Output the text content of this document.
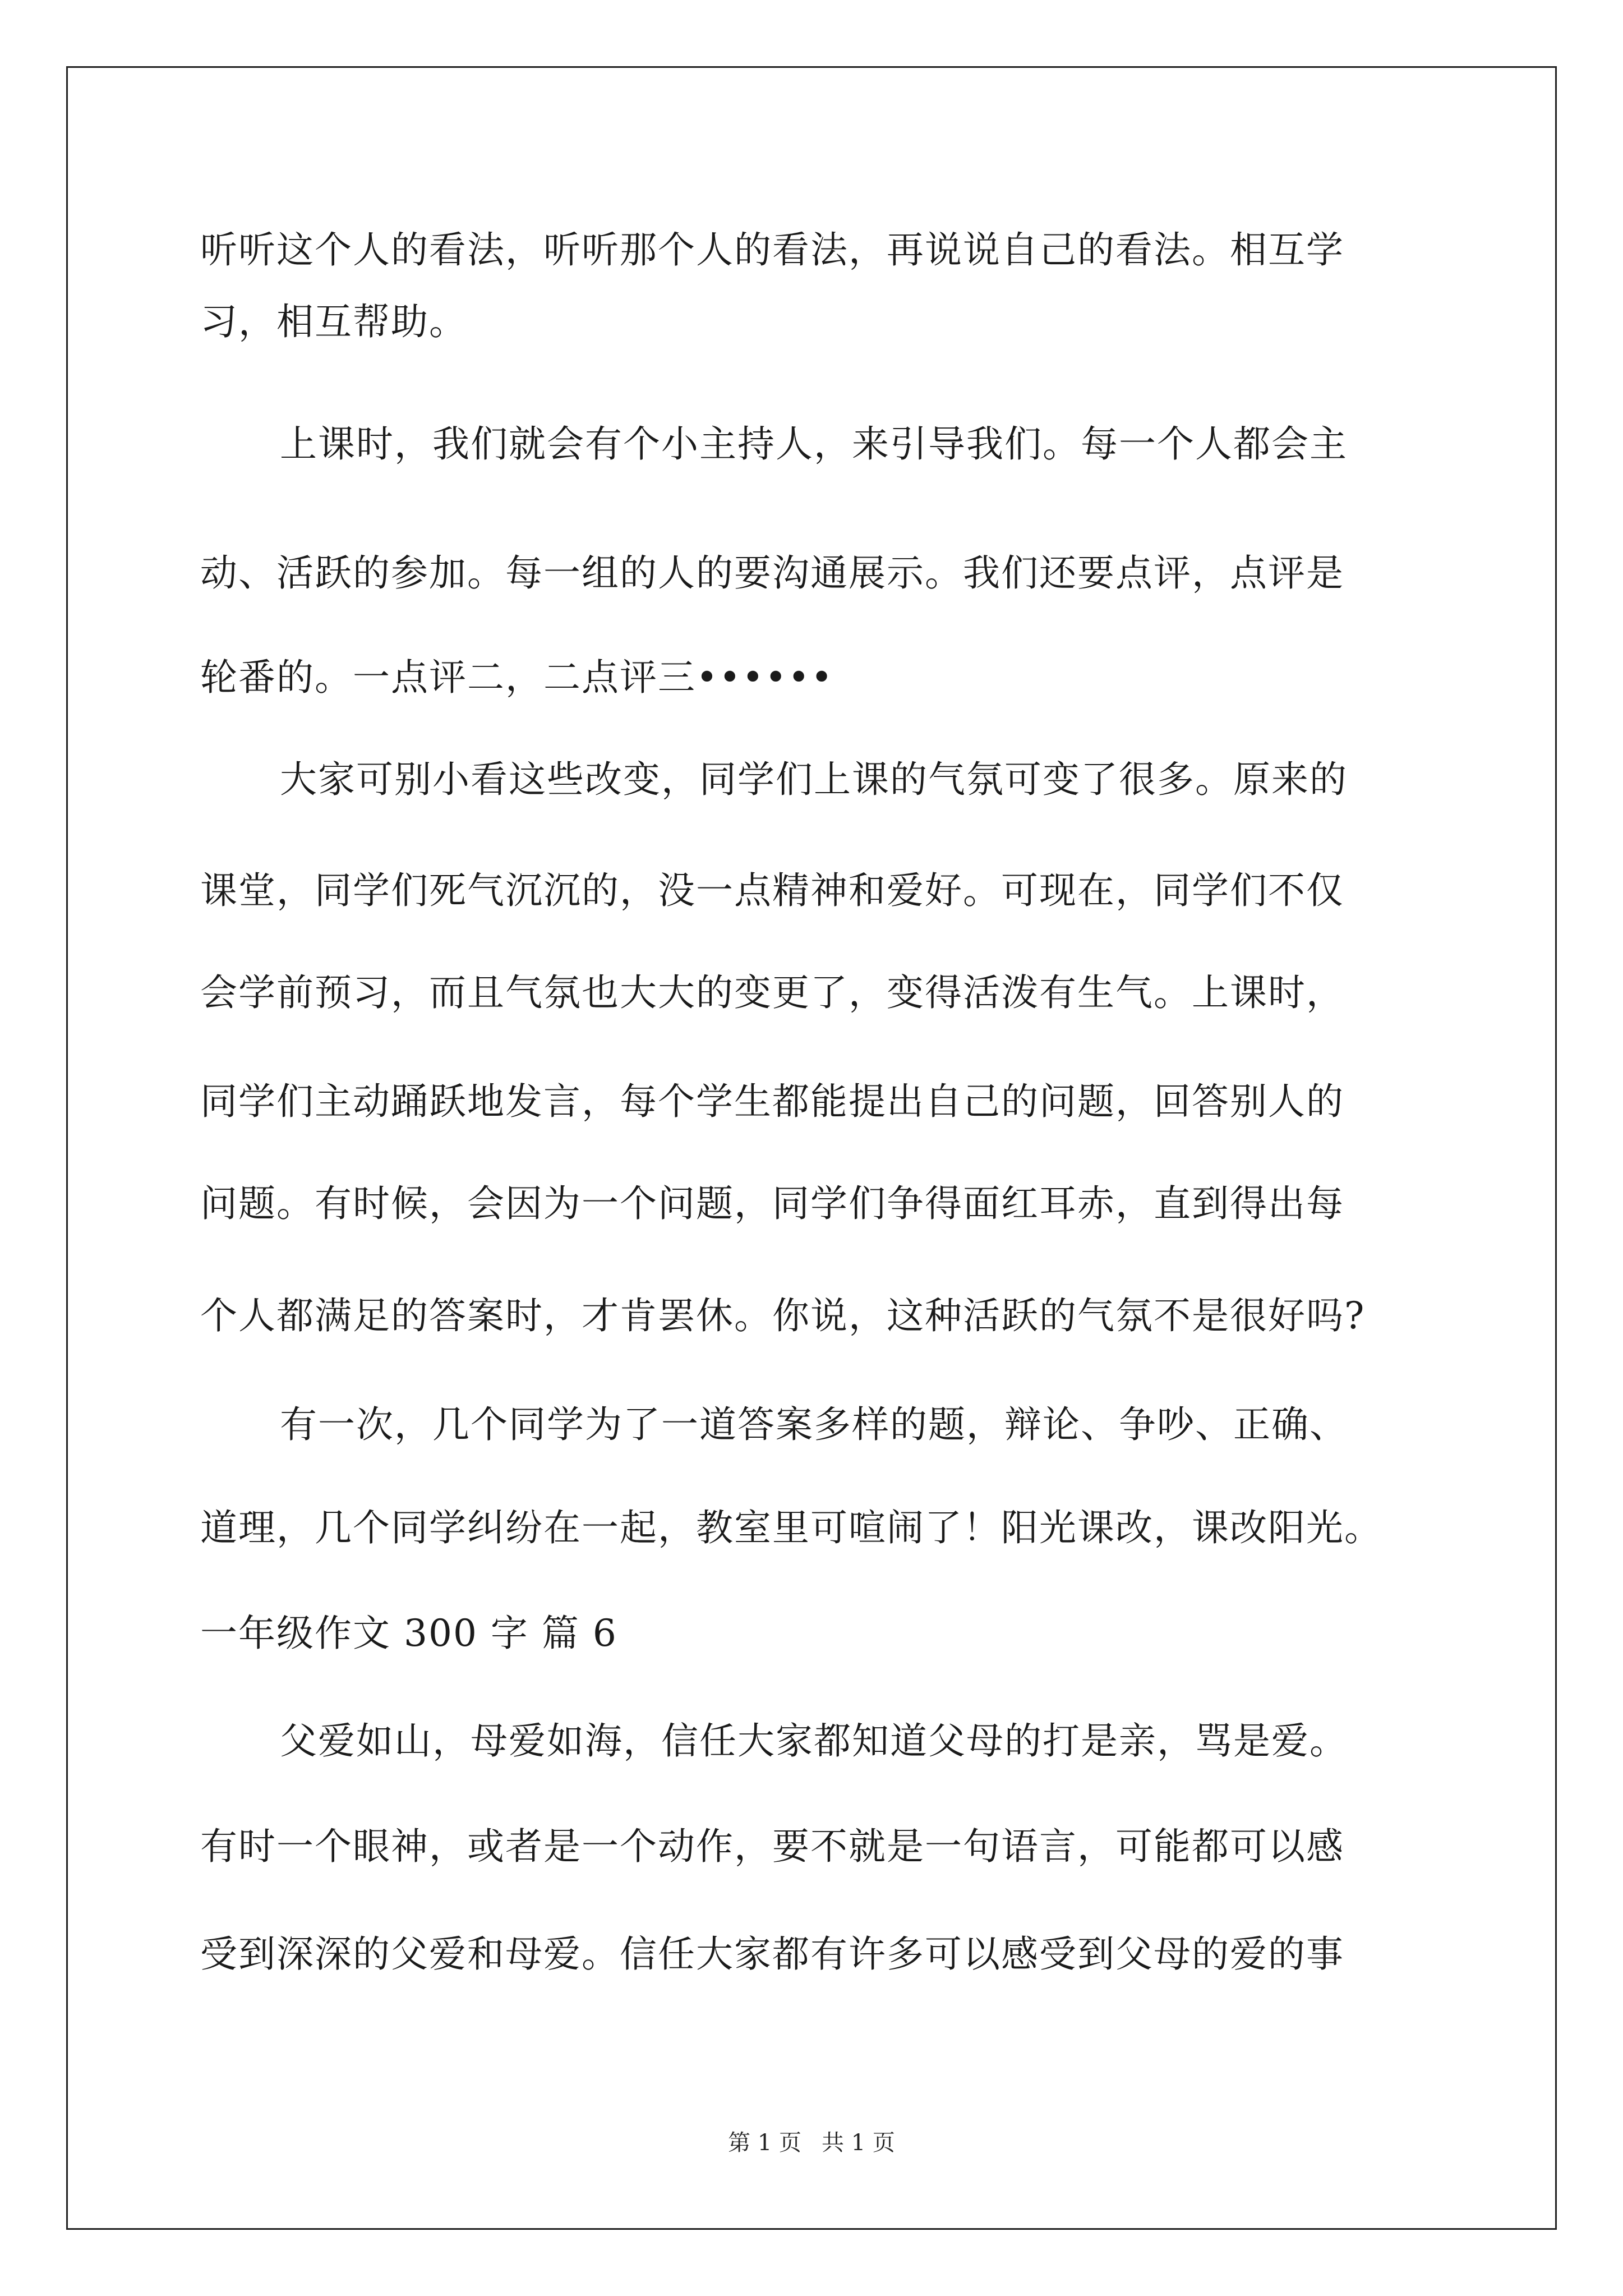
听听这个人的看法，听听那个人的看法，再说说自己的看法。相互学
习，相互帮助。
上课时，我们就会有个小主持人，来引导我们。每一个人都会主
动、活跃的参加。每一组的人的要沟通展示。我们还要点评，点评是
轮番的。一点评二，二点评三••••••
大家可别小看这些改变，同学们上课的气氛可变了很多。原来的
课堂，同学们死气沉沉的，没一点精神和爱好。可现在，同学们不仅
会学前预习，而且气氛也大大的变更了，变得活泼有生气。上课时，
同学们主动踊跃地发言，每个学生都能提出自己的问题，回答别人的
问题。有时候，会因为一个问题，同学们争得面红耳赤，直到得出每
个人都满足的答案时，才肯罢休。你说，这种活跃的气氛不是很好吗?
有一次，几个同学为了一道答案多样的题，辩论、争吵、正确、
道理，几个同学纠纷在一起，教室里可喧闹了！阳光课改，课改阳光。
一年级作文 300 字 篇 6
父爱如山，母爱如海，信任大家都知道父母的打是亲，骂是爱。
有时一个眼神，或者是一个动作，要不就是一句语言，可能都可以感
受到深深的父爱和母爱。信任大家都有许多可以感受到父母的爱的事
第 1 页 共 1 页
